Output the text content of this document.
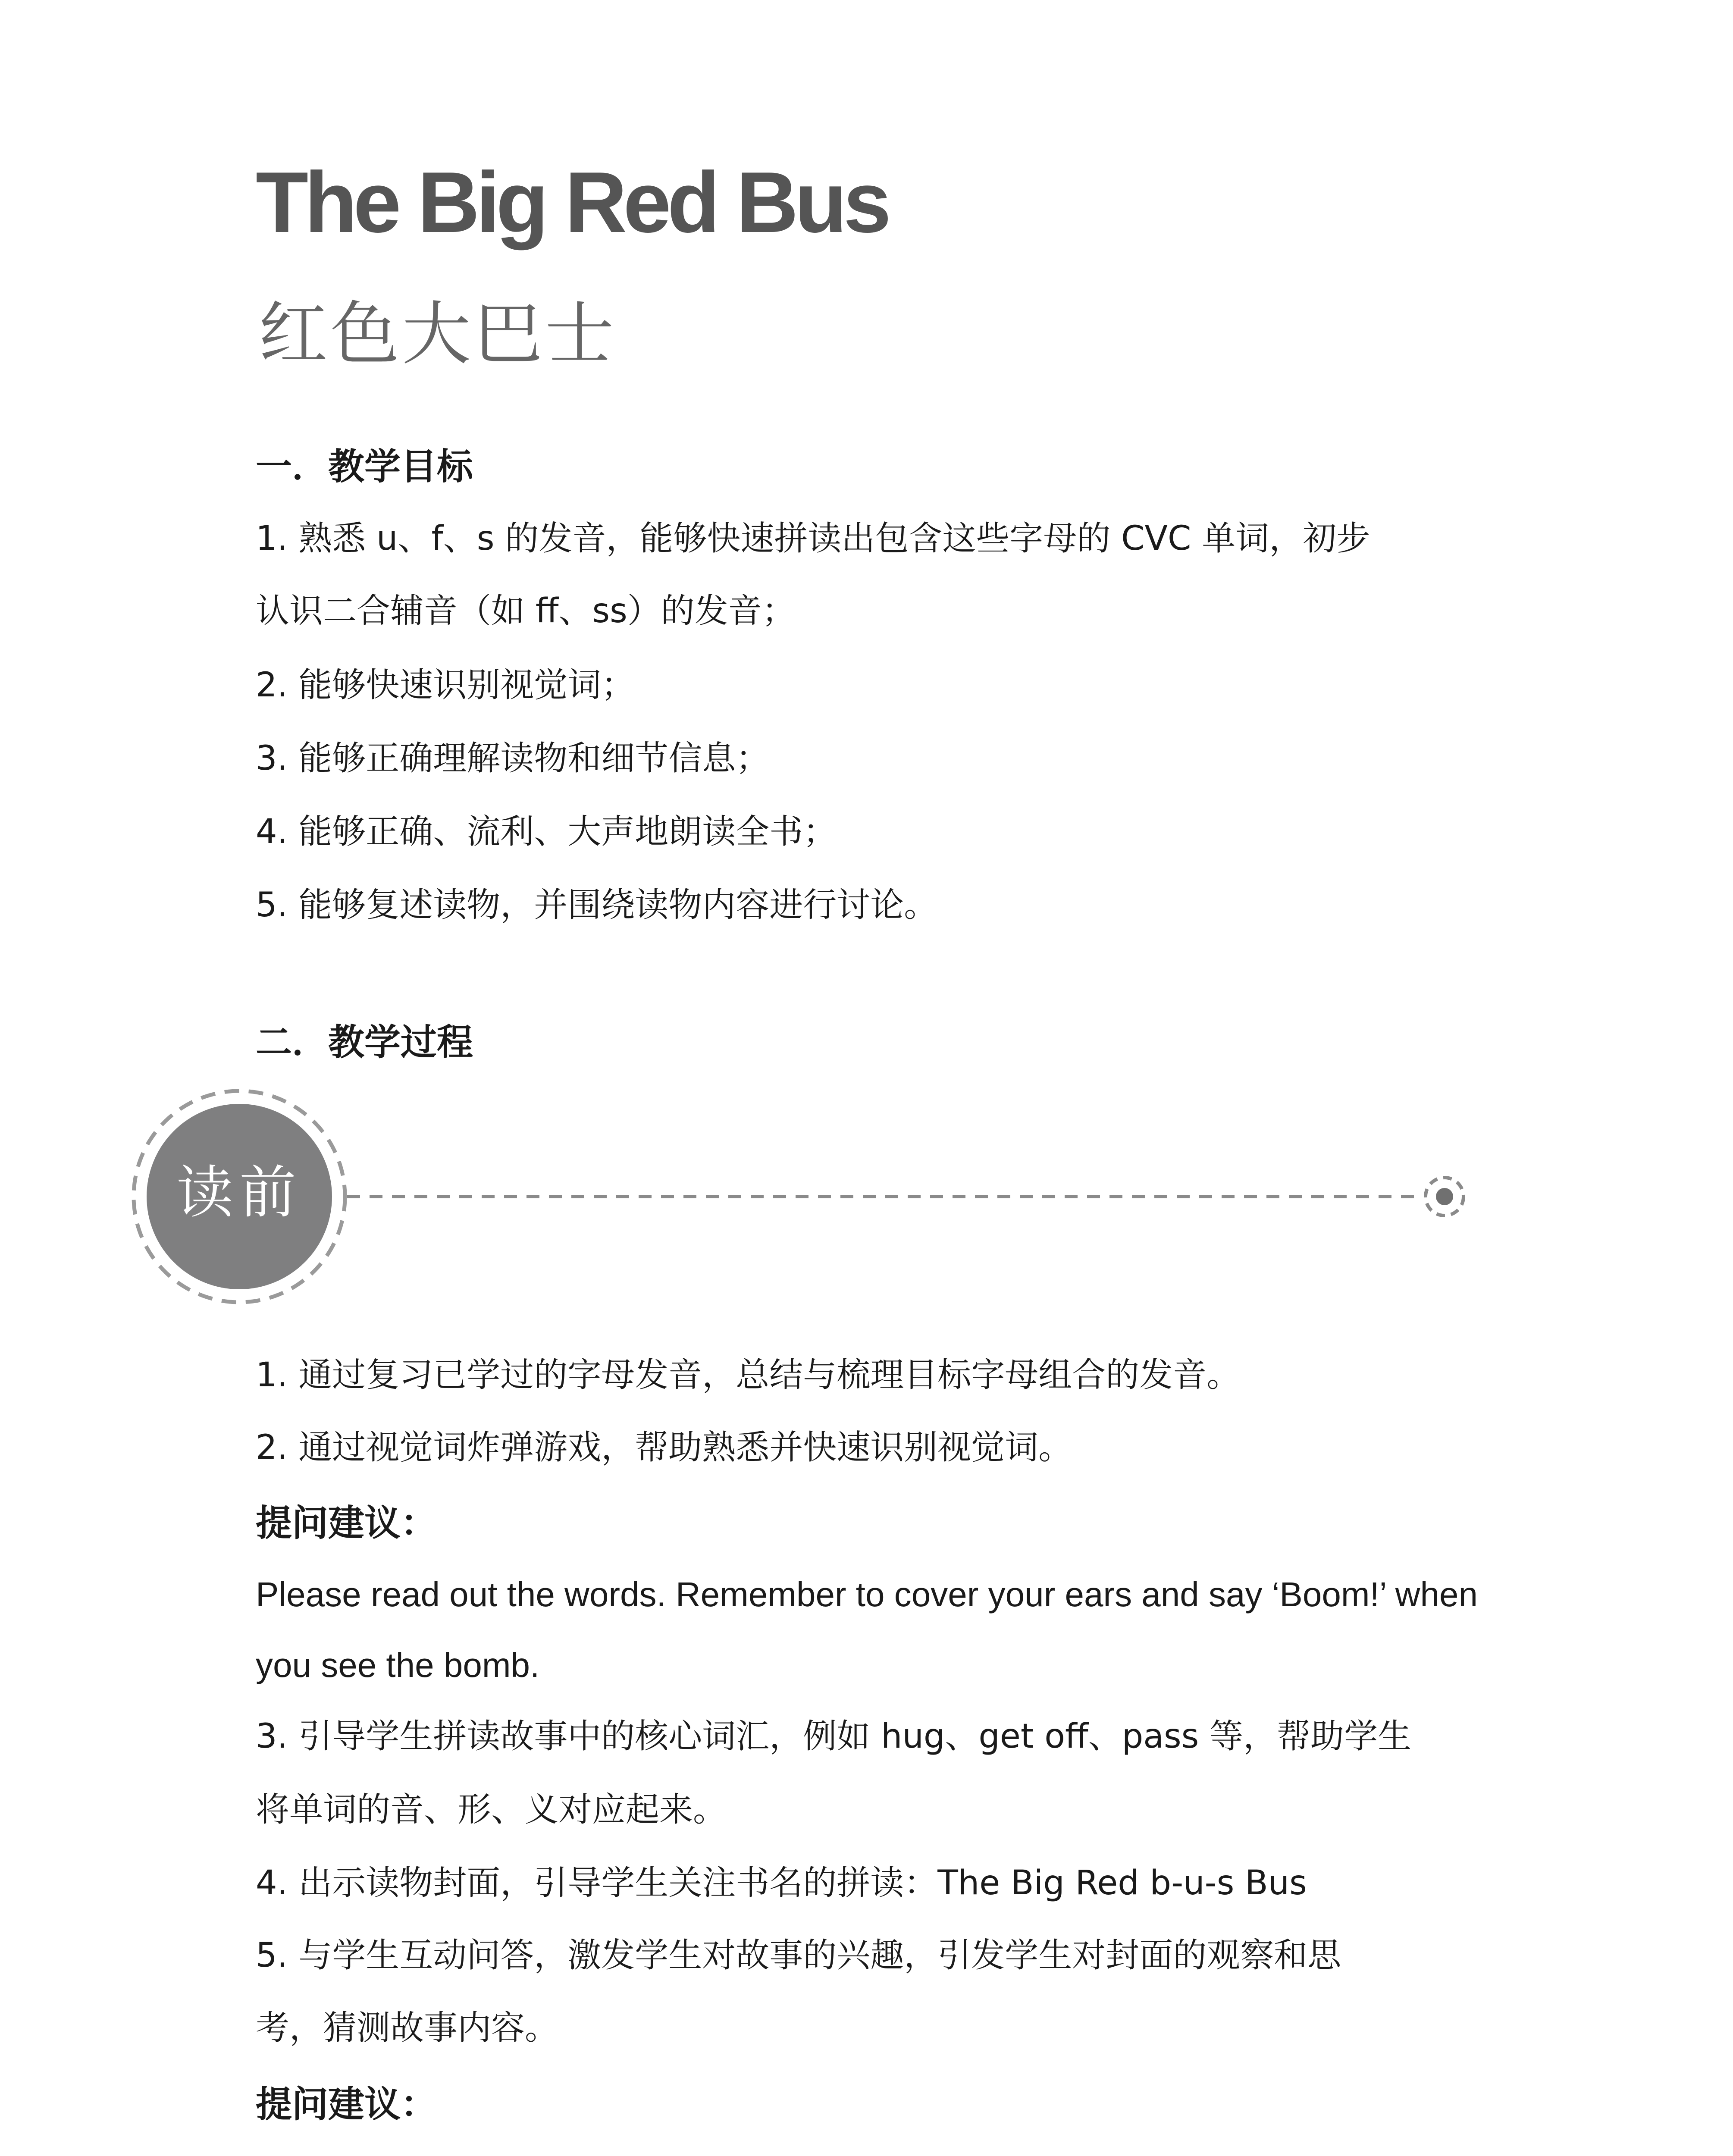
The Big Red Bus
红色大巴士
一．教学目标
1. 熟悉 u、f、s 的发音，能够快速拼读出包含这些字母的 CVC 单词，初步
认识二合辅音（如 ff、ss）的发音；
2. 能够快速识别视觉词；
3. 能够正确理解读物和细节信息；
4. 能够正确、流利、大声地朗读全书；
5. 能够复述读物，并围绕读物内容进行讨论。
二．教学过程
读前
1. 通过复习已学过的字母发音，总结与梳理目标字母组合的发音。
2. 通过视觉词炸弹游戏，帮助熟悉并快速识别视觉词。
提问建议：
Please read out the words. Remember to cover your ears and say ‘Boom!’ when
you see the bomb.
3. 引导学生拼读故事中的核心词汇，例如 hug、get off、pass 等，帮助学生
将单词的音、形、义对应起来。
4. 出示读物封面，引导学生关注书名的拼读：The Big Red b-u-s Bus
5. 与学生互动问答，激发学生对故事的兴趣，引发学生对封面的观察和思
考，猜测故事内容。
提问建议：
